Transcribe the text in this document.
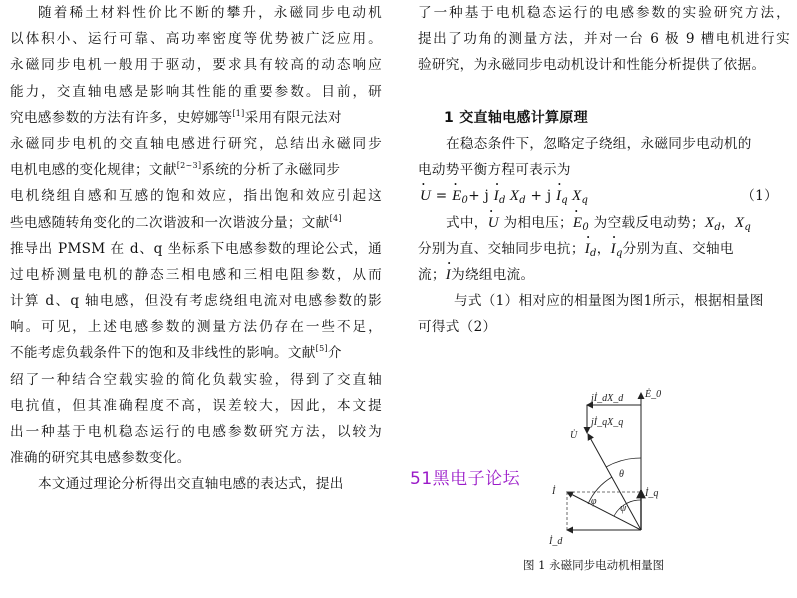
随着稀土材料性价比不断的攀升，永磁同步电动机
以体积小、运行可靠、高功率密度等优势被广泛应用。
永磁同步电机一般用于驱动，要求具有较高的动态响应
能力，交直轴电感是影响其性能的重要参数。目前，研
究电感参数的方法有许多，史婷娜等[1]采用有限元法对
永磁同步电机的交直轴电感进行研究，总结出永磁同步
电机电感的变化规律；文献[2~3]系统的分析了永磁同步
电机绕组自感和互感的饱和效应，指出饱和效应引起这
些电感随转角变化的二次谐波和一次谐波分量；文献[4]
推导出 PMSM 在 d、q 坐标系下电感参数的理论公式，通
过电桥测量电机的静态三相电感和三相电阻参数，从而
计算 d、q 轴电感，但没有考虑绕组电流对电感参数的影
响。可见，上述电感参数的测量方法仍存在一些不足，
不能考虑负载条件下的饱和及非线性的影响。文献[5]介
绍了一种结合空载实验的简化负载实验，得到了交直轴
电抗值，但其准确程度不高，误差较大，因此，本文提
出一种基于电机稳态运行的电感参数研究方法，以较为
准确的研究其电感参数变化。
本文通过理论分析得出交直轴电感的表达式，提出
了一种基于电机稳态运行的电感参数的实验研究方法，
提出了功角的测量方法，并对一台 6 极 9 槽电机进行实
验研究，为永磁同步电动机设计和性能分析提供了依据。
1 交直轴电感计算原理
在稳态条件下，忽略定子绕组，永磁同步电动机的
电动势平衡方程可表示为
• U = • $E_0+ j$ • $I_d$ $X_d + j$ • $I_q$ $X_q$	（1）
式中，• U 为相电压；• $E_0$ 为空载反电动势；$X_d$，$X_q$
分别为直、交轴同步电抗；• $I_d$，• $I_q$分别为直、交轴电
流；• I为绕组电流。
与式（1）相对应的相量图为图1所示，根据相量图
可得式（2）
jİ_dX_d Ė_0
jİ_qX_q
U̇
θ
İ
φ
ψ
İ_q
İ_d
51黑电子论坛
图 1 永磁同步电动机相量图
